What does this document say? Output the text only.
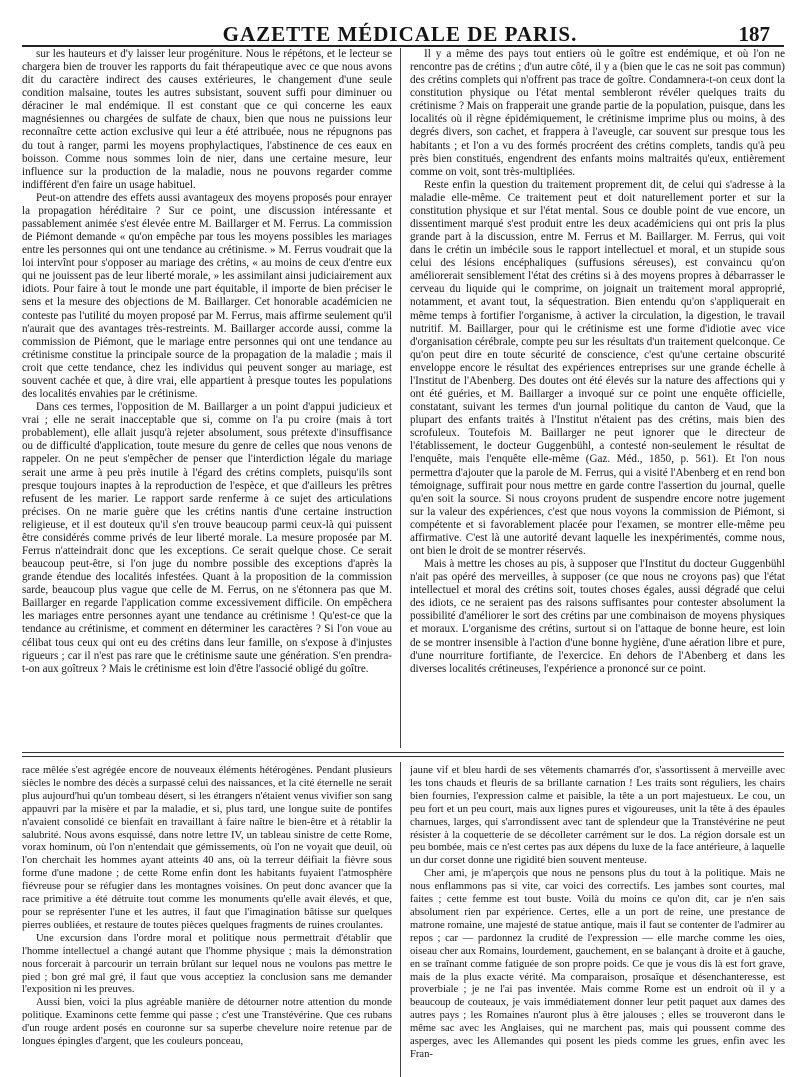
GAZETTE MÉDICALE DE PARIS.	187

sur les hauteurs et d'y laisser leur progéniture. Nous le répétons, et le lecteur se chargera bien de trouver les rapports du fait thérapeutique avec ce que nous avons dit du caractère indirect des causes extérieures, le changement d'une seule condition malsaine, toutes les autres subsistant, souvent suffi pour diminuer ou déraciner le mal endémique. Il est constant que ce qui concerne les eaux magnésiennes ou chargées de sulfate de chaux, bien que nous ne puissions leur reconnaître cette action exclusive qui leur a été attribuée, nous ne répugnons pas du tout à ranger, parmi les moyens prophylactiques, l'abstinence de ces eaux en boisson. Comme nous sommes loin de nier, dans une certaine mesure, leur influence sur la production de la maladie, nous ne pouvons regarder comme indifférent d'en faire un usage habituel.

Peut-on attendre des effets aussi avantageux des moyens proposés pour enrayer la propagation héréditaire ? Sur ce point, une discussion intéressante et passablement animée s'est élevée entre M. Baillarger et M. Ferrus. La commission de Piémont demande « qu'on empêche par tous les moyens possibles les mariages entre les personnes qui ont une tendance au crétinisme. » M. Ferrus voudrait que la loi intervînt pour s'opposer au mariage des crétins, « au moins de ceux d'entre eux qui ne jouissent pas de leur liberté morale, » les assimilant ainsi judiciairement aux idiots. Pour faire à tout le monde une part équitable, il importe de bien préciser le sens et la mesure des objections de M. Baillarger. Cet honorable académicien ne conteste pas l'utilité du moyen proposé par M. Ferrus, mais affirme seulement qu'il n'aurait que des avantages très-restreints. M. Baillarger accorde aussi, comme la commission de Piémont, que le mariage entre personnes qui ont une tendance au crétinisme constitue la principale source de la propagation de la maladie ; mais il croit que cette tendance, chez les individus qui peuvent songer au mariage, est souvent cachée et que, à dire vrai, elle appartient à presque toutes les populations des localités envahies par le crétinisme.

Dans ces termes, l'opposition de M. Baillarger a un point d'appui judicieux et vrai ; elle ne serait inacceptable que si, comme on l'a pu croire (mais à tort probablement), elle allait jusqu'à rejeter absolument, sous prétexte d'insuffisance ou de difficulté d'application, toute mesure du genre de celles que nous venons de rappeler. On ne peut s'empêcher de penser que l'interdiction légale du mariage serait une arme à peu près inutile à l'égard des crétins complets, puisqu'ils sont presque toujours inaptes à la reproduction de l'espèce, et que d'ailleurs les prêtres refusent de les marier. Le rapport sarde renferme à ce sujet des articulations précises. On ne marie guère que les crétins nantis d'une certaine instruction religieuse, et il est douteux qu'il s'en trouve beaucoup parmi ceux-là qui puissent être considérés comme privés de leur liberté morale. La mesure proposée par M. Ferrus n'atteindrait donc que les exceptions. Ce serait quelque chose. Ce serait beaucoup peut-être, si l'on juge du nombre possible des exceptions d'après la grande étendue des localités infestées. Quant à la proposition de la commission sarde, beaucoup plus vague que celle de M. Ferrus, on ne s'étonnera pas que M. Baillarger en regarde l'application comme excessivement difficile. On empêchera les mariages entre personnes ayant une tendance au crétinisme ! Qu'est-ce que la tendance au crétinisme, et comment en déterminer les caractères ? Si l'on voue au célibat tous ceux qui ont eu des crétins dans leur famille, on s'expose à d'injustes rigueurs ; car il n'est pas rare que le crétinisme saute une génération. S'en prendra-t-on aux goîtreux ? Mais le crétinisme est loin d'être l'associé obligé du goître.

Il y a même des pays tout entiers où le goître est endémique, et où l'on ne rencontre pas de crétins ; d'un autre côté, il y a (bien que le cas ne soit pas commun) des crétins complets qui n'offrent pas trace de goître. Condamnera-t-on ceux dont la constitution physique ou l'état mental sembleront révéler quelques traits du crétinisme ? Mais on frapperait une grande partie de la population, puisque, dans les localités où il règne épidémiquement, le crétinisme imprime plus ou moins, à des degrés divers, son cachet, et frappera à l'aveugle, car souvent sur presque tous les habitants ; et l'on a vu des formés procréent des crétins complets, tandis qu'à peu près bien constitués, engendrent des enfants moins maltraités qu'eux, entièrement comme on voit, sont très-multipliées.

Reste enfin la question du traitement proprement dit, de celui qui s'adresse à la maladie elle-même. Ce traitement peut et doit naturellement porter et sur la constitution physique et sur l'état mental. Sous ce double point de vue encore, un dissentiment marqué s'est produit entre les deux académiciens qui ont pris la plus grande part à la discussion, entre M. Ferrus et M. Baillarger. M. Ferrus, qui voit dans le crétin un imbécile sous le rapport intellectuel et moral, et un stupide sous celui des lésions encéphaliques (suffusions séreuses), est convaincu qu'on améliorerait sensiblement l'état des crétins si à des moyens propres à débarrasser le cerveau du liquide qui le comprime, on joignait un traitement moral approprié, notamment, et avant tout, la séquestration. Bien entendu qu'on s'appliquerait en même temps à fortifier l'organisme, à activer la circulation, la digestion, le travail nutritif. M. Baillarger, pour qui le crétinisme est une forme d'idiotie avec vice d'organisation cérébrale, compte peu sur les résultats d'un traitement quelconque. Ce qu'on peut dire en toute sécurité de conscience, c'est qu'une certaine obscurité enveloppe encore le résultat des expériences entreprises sur une grande échelle à l'Institut de l'Abenberg. Des doutes ont été élevés sur la nature des affections qui y ont été guéries, et M. Baillarger a invoqué sur ce point une enquête officielle, constatant, suivant les termes d'un journal politique du canton de Vaud, que la plupart des enfants traités à l'Institut n'étaient pas des crétins, mais bien des scrofuleux. Toutefois M. Baillarger ne peut ignorer que le directeur de l'établissement, le docteur Guggenbühl, a contesté non-seulement le résultat de l'enquête, mais l'enquête elle-même (Gaz. Méd., 1850, p. 561). Et l'on nous permettra d'ajouter que la parole de M. Ferrus, qui a visité l'Abenberg et en rend bon témoignage, suffirait pour nous mettre en garde contre l'assertion du journal, quelle qu'en soit la source. Si nous croyons prudent de suspendre encore notre jugement sur la valeur des expériences, c'est que nous voyons la commission de Piémont, si compétente et si favorablement placée pour l'examen, se montrer elle-même peu affirmative. C'est là une autorité devant laquelle les inexpérimentés, comme nous, ont bien le droit de se montrer réservés.

Mais à mettre les choses au pis, à supposer que l'Institut du docteur Guggenbühl n'ait pas opéré des merveilles, à supposer (ce que nous ne croyons pas) que l'état intellectuel et moral des crétins soit, toutes choses égales, aussi dégradé que celui des idiots, ce ne seraient pas des raisons suffisantes pour contester absolument la possibilité d'améliorer le sort des crétins par une combinaison de moyens physiques et moraux. L'organisme des crétins, surtout si on l'attaque de bonne heure, est loin de se montrer insensible à l'action d'une bonne hygiène, d'une aération libre et pure, d'une nourriture fortifiante, de l'exercice. En dehors de l'Abenberg et dans les diverses localités crétineuses, l'expérience a prononcé sur ce point.

race mêlée s'est agrégée encore de nouveaux éléments hétérogènes. Pendant plusieurs siècles le nombre des décès a surpassé celui des naissances, et la cité éternelle ne serait plus aujourd'hui qu'un tombeau désert, si les étrangers n'étaient venus vivifier son sang appauvri par la misère et par la maladie, et si, plus tard, une longue suite de pontifes n'avaient consolidé ce bienfait en travaillant à faire naître le bien-être et à rétablir la salubrité. Nous avons esquissé, dans notre lettre IV, un tableau sinistre de cette Rome, vorax hominum, où l'on n'entendait que gémissements, où l'on ne voyait que deuil, où l'on cherchait les hommes ayant atteints 40 ans, où la terreur déifiait la fièvre sous forme d'une madone ; de cette Rome enfin dont les habitants fuyaient l'atmosphère fiévreuse pour se réfugier dans les montagnes voisines. On peut donc avancer que la race primitive a été détruite tout comme les monuments qu'elle avait élevés, et que, pour se représenter l'une et les autres, il faut que l'imagination bâtisse sur quelques pierres oubliées, et restaure de toutes pièces quelques fragments de ruines croulantes.

Une excursion dans l'ordre moral et politique nous permettrait d'établir que l'homme intellectuel a changé autant que l'homme physique ; mais la démonstration nous forcerait à parcourir un terrain brûlant sur lequel nous ne voulons pas mettre le pied ; bon gré mal gré, il faut que vous acceptiez la conclusion sans me demander l'exposition ni les preuves.

Aussi bien, voici la plus agréable manière de détourner notre attention du monde politique. Examinons cette femme qui passe ; c'est une Transtévérine. Que ces rubans d'un rouge ardent posés en couronne sur sa superbe chevelure noire retenue par de longues épingles d'argent, que les couleurs ponceau,

jaune vif et bleu hardi de ses vêtements chamarrés d'or, s'assortissent à merveille avec les tons chauds et fleuris de sa brillante carnation ! Les traits sont réguliers, les chairs bien fournies, l'expression calme et paisible, la tête a un port majestueux. Le cou, un peu fort et un peu court, mais aux lignes pures et vigoureuses, unit la tête à des épaules charnues, larges, qui s'arrondissent avec tant de splendeur que la Transtévérine ne peut résister à la coquetterie de se décolleter carrément sur le dos. La région dorsale est un peu bombée, mais ce n'est certes pas aux dépens du luxe de la face antérieure, à laquelle un dur corset donne une rigidité bien souvent menteuse.

Cher ami, je m'aperçois que nous ne pensons plus du tout à la politique. Mais ne nous enflammons pas si vite, car voici des correctifs. Les jambes sont courtes, mal faites ; cette femme est tout buste. Voilà du moins ce qu'on dit, car je n'en sais absolument rien par expérience. Certes, elle a un port de reine, une prestance de matrone romaine, une majesté de statue antique, mais il faut se contenter de l'admirer au repos ; car — pardonnez la crudité de l'expression — elle marche comme les oies, oiseau cher aux Romains, lourdement, gauchement, en se balançant à droite et à gauche, en se traînant comme fatiguée de son propre poids. Ce que je vous dis là est fort grave, mais de la plus exacte vérité. Ma comparaison, prosaïque et désenchanteresse, est proverbiale ; je ne l'ai pas inventée. Mais comme Rome est un endroit où il y a beaucoup de couteaux, je vais immédiatement donner leur petit paquet aux dames des autres pays ; les Romaines n'auront plus à être jalouses ; elles se trouveront dans le même sac avec les Anglaises, qui ne marchent pas, mais qui poussent comme des asperges, avec les Allemandes qui posent les pieds comme les grues, enfin avec les Fran-
